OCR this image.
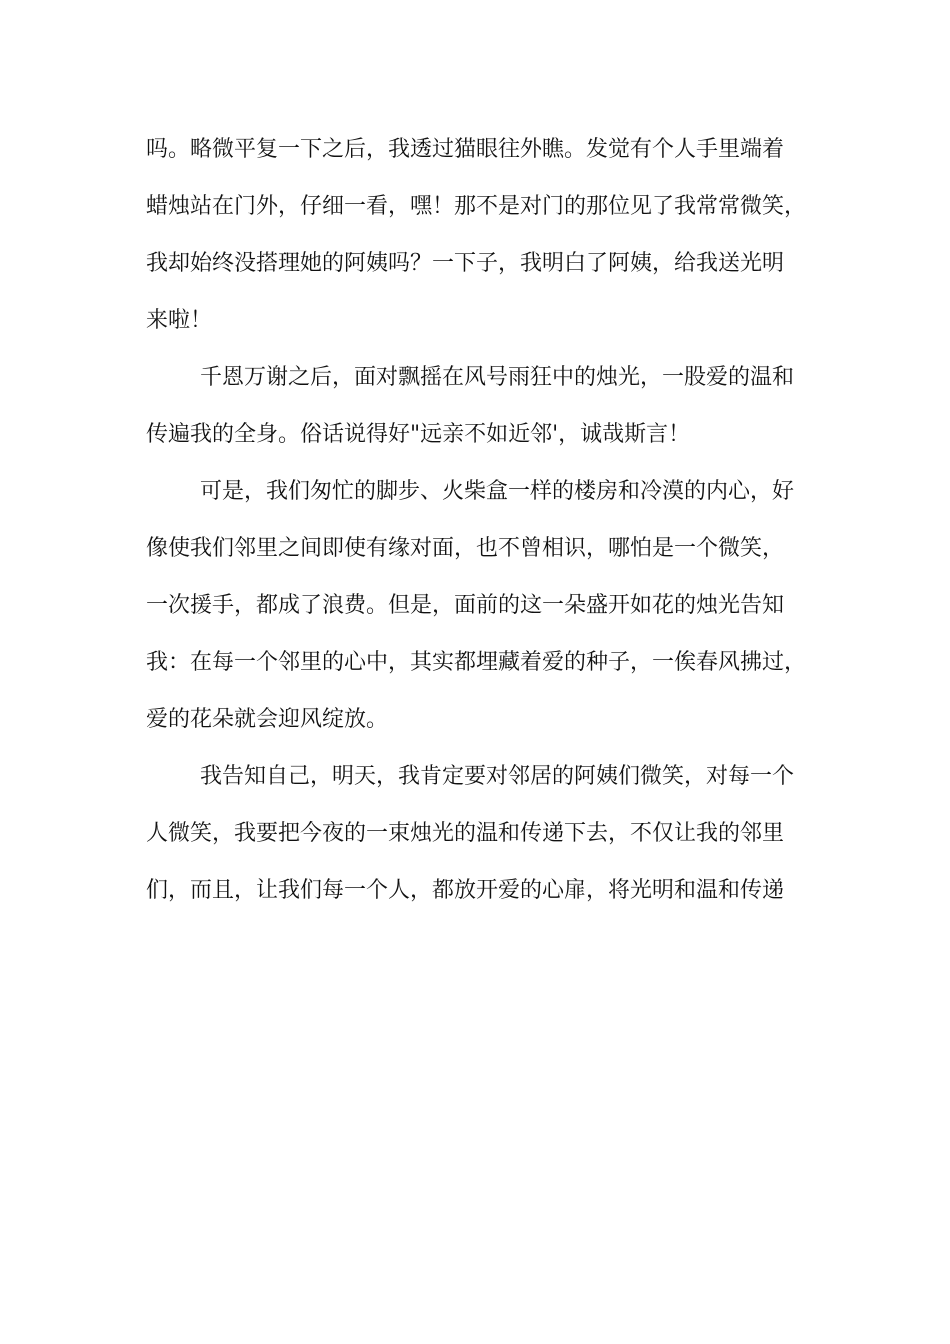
吗。略微平复一下之后，我透过猫眼往外瞧。发觉有个人手里端着
蜡烛站在门外，仔细一看，嘿！那不是对门的那位见了我常常微笑，
我却始终没搭理她的阿姨吗？一下子，我明白了阿姨，给我送光明
来啦！
千恩万谢之后，面对飘摇在风号雨狂中的烛光，一股爱的温和
传遍我的全身。俗话说得好"远亲不如近邻'，诚哉斯言！
可是，我们匆忙的脚步、火柴盒一样的楼房和冷漠的内心，好
像使我们邻里之间即使有缘对面，也不曾相识，哪怕是一个微笑，
一次援手，都成了浪费。但是，面前的这一朵盛开如花的烛光告知
我：在每一个邻里的心中，其实都埋藏着爱的种子，一俟春风拂过，
爱的花朵就会迎风绽放。
我告知自己，明天，我肯定要对邻居的阿姨们微笑，对每一个
人微笑，我要把今夜的一束烛光的温和传递下去，不仅让我的邻里
们，而且，让我们每一个人，都放开爱的心扉，将光明和温和传递
